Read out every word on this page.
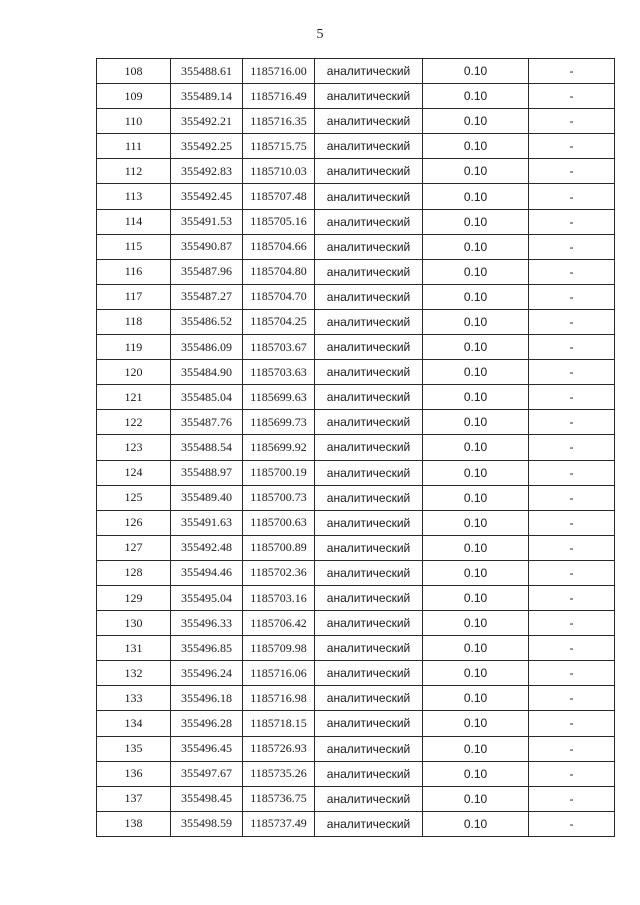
5
108	355488.61	1185716.00	аналитический	0.10	-
109	355489.14	1185716.49	аналитический	0.10	-
110	355492.21	1185716.35	аналитический	0.10	-
111	355492.25	1185715.75	аналитический	0.10	-
112	355492.83	1185710.03	аналитический	0.10	-
113	355492.45	1185707.48	аналитический	0.10	-
114	355491.53	1185705.16	аналитический	0.10	-
115	355490.87	1185704.66	аналитический	0.10	-
116	355487.96	1185704.80	аналитический	0.10	-
117	355487.27	1185704.70	аналитический	0.10	-
118	355486.52	1185704.25	аналитический	0.10	-
119	355486.09	1185703.67	аналитический	0.10	-
120	355484.90	1185703.63	аналитический	0.10	-
121	355485.04	1185699.63	аналитический	0.10	-
122	355487.76	1185699.73	аналитический	0.10	-
123	355488.54	1185699.92	аналитический	0.10	-
124	355488.97	1185700.19	аналитический	0.10	-
125	355489.40	1185700.73	аналитический	0.10	-
126	355491.63	1185700.63	аналитический	0.10	-
127	355492.48	1185700.89	аналитический	0.10	-
128	355494.46	1185702.36	аналитический	0.10	-
129	355495.04	1185703.16	аналитический	0.10	-
130	355496.33	1185706.42	аналитический	0.10	-
131	355496.85	1185709.98	аналитический	0.10	-
132	355496.24	1185716.06	аналитический	0.10	-
133	355496.18	1185716.98	аналитический	0.10	-
134	355496.28	1185718.15	аналитический	0.10	-
135	355496.45	1185726.93	аналитический	0.10	-
136	355497.67	1185735.26	аналитический	0.10	-
137	355498.45	1185736.75	аналитический	0.10	-
138	355498.59	1185737.49	аналитический	0.10	-
